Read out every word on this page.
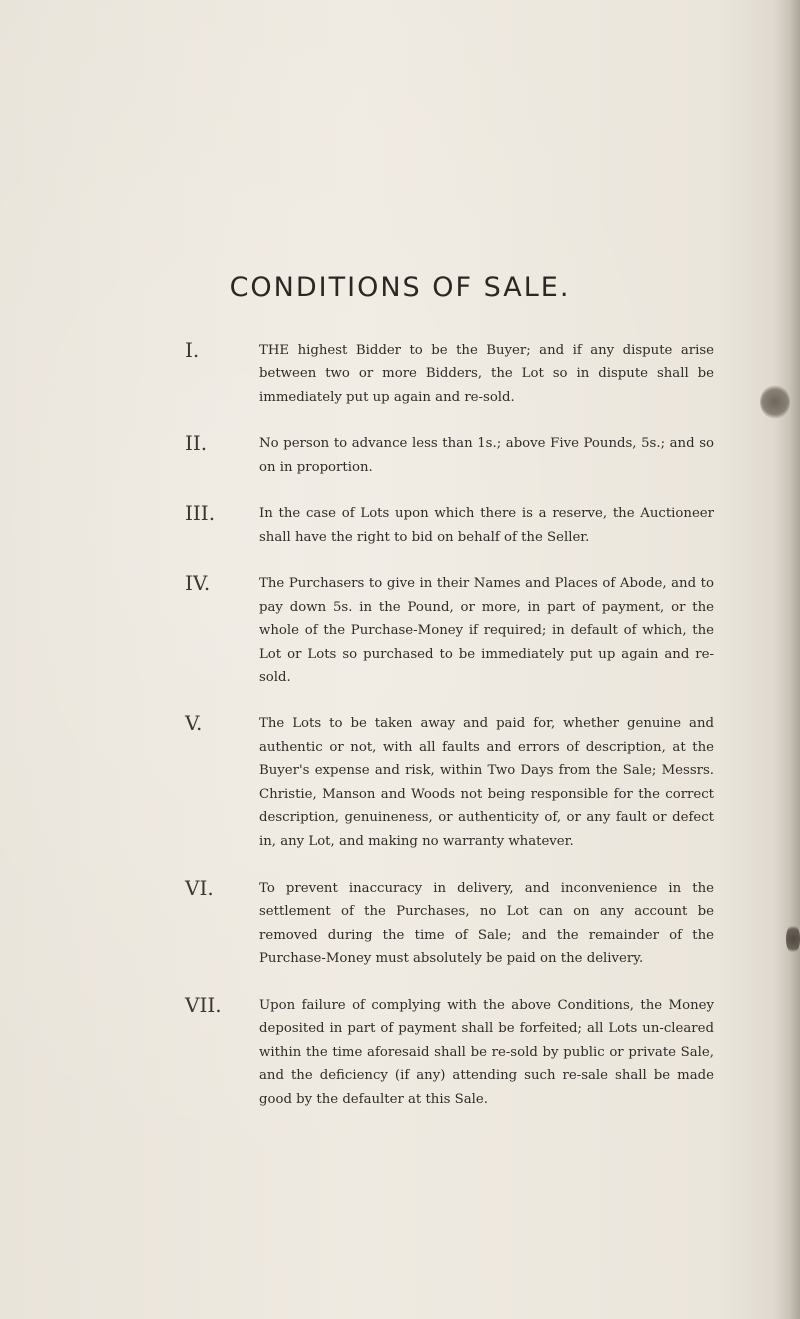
CONDITIONS OF SALE.
I.	THE highest Bidder to be the Buyer; and if any dispute arise between two or more Bidders, the Lot so in dispute shall be immediately put up again and re-sold.

II.	No person to advance less than 1s.; above Five Pounds, 5s.; and so on in proportion.

III.	In the case of Lots upon which there is a reserve, the Auctioneer shall have the right to bid on behalf of the Seller.

IV.	The Purchasers to give in their Names and Places of Abode, and to pay down 5s. in the Pound, or more, in part of payment, or the whole of the Purchase-Money if required; in default of which, the Lot or Lots so purchased to be immediately put up again and re-sold.

V.	The Lots to be taken away and paid for, whether genuine and authentic or not, with all faults and errors of description, at the Buyer's expense and risk, within Two Days from the Sale; Messrs. Christie, Manson and Woods not being responsible for the correct description, genuineness, or authenticity of, or any fault or defect in, any Lot, and making no warranty whatever.

VI.	To prevent inaccuracy in delivery, and inconvenience in the settlement of the Purchases, no Lot can on any account be removed during the time of Sale; and the remainder of the Purchase-Money must absolutely be paid on the delivery.

VII.	Upon failure of complying with the above Conditions, the Money deposited in part of payment shall be forfeited; all Lots un-cleared within the time aforesaid shall be re-sold by public or private Sale, and the deficiency (if any) attending such re-sale shall be made good by the defaulter at this Sale.
